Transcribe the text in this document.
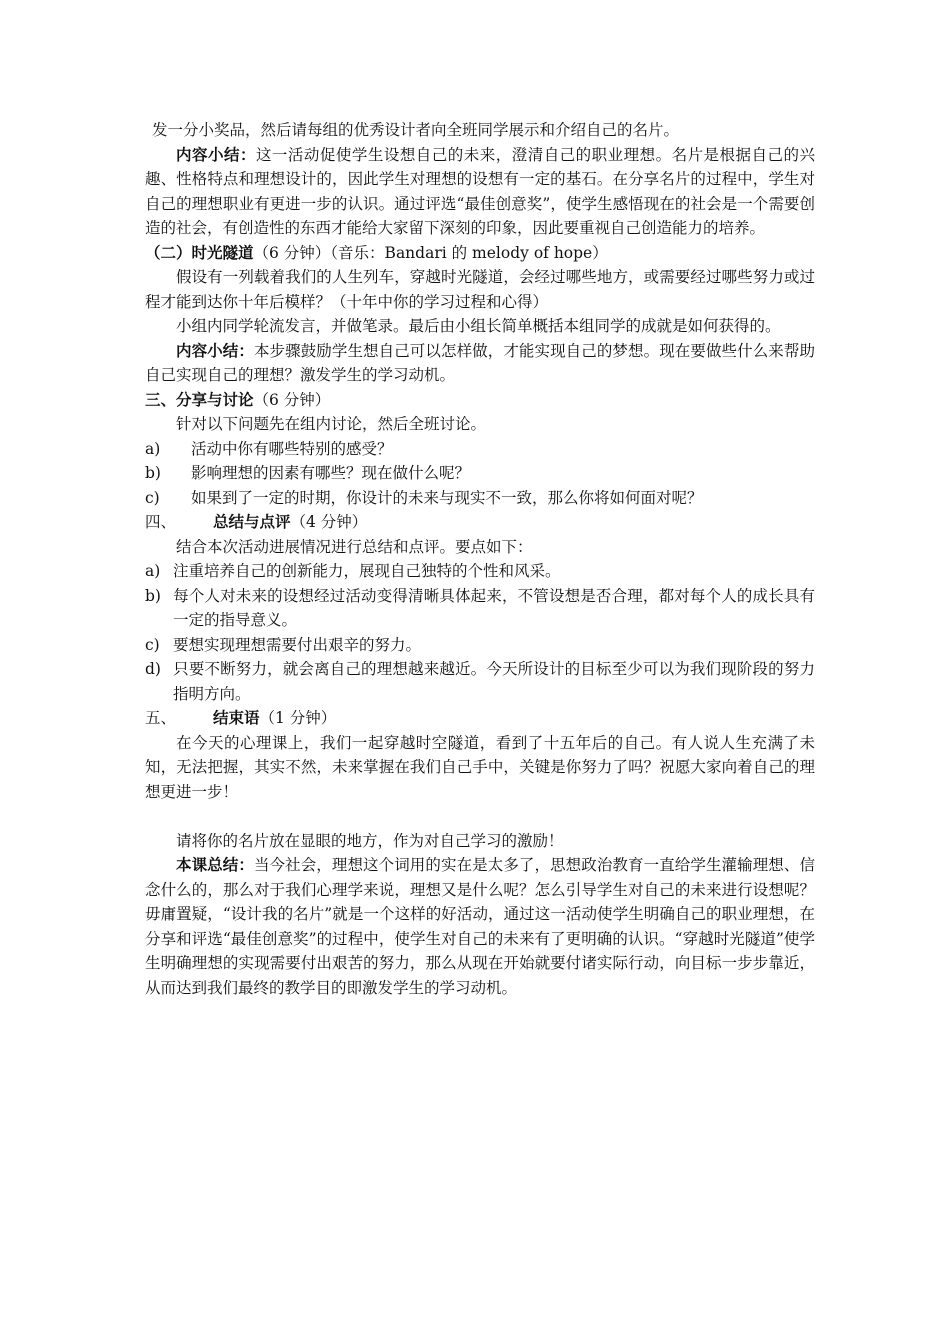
发一分小奖品，然后请每组的优秀设计者向全班同学展示和介绍自己的名片。

内容小结：这一活动促使学生设想自己的未来，澄清自己的职业理想。名片是根据自己的兴趣、性格特点和理想设计的，因此学生对理想的设想有一定的基石。在分享名片的过程中，学生对自己的理想职业有更进一步的认识。通过评选“最佳创意奖”，使学生感悟现在的社会是一个需要创造的社会，有创造性的东西才能给大家留下深刻的印象，因此要重视自己创造能力的培养。

（二）时光隧道（6 分钟）（音乐：Bandari 的 melody of hope）

假设有一列载着我们的人生列车，穿越时光隧道，会经过哪些地方，或需要经过哪些努力或过程才能到达你十年后模样？（十年中你的学习过程和心得）

小组内同学轮流发言，并做笔录。最后由小组长简单概括本组同学的成就是如何获得的。

内容小结：本步骤鼓励学生想自己可以怎样做，才能实现自己的梦想。现在要做些什么来帮助自己实现自己的理想？激发学生的学习动机。

三、分享与讨论（6 分钟）

针对以下问题先在组内讨论，然后全班讨论。

a) 活动中你有哪些特别的感受？

b) 影响理想的因素有哪些？现在做什么呢？

c) 如果到了一定的时期，你设计的未来与现实不一致，那么你将如何面对呢？

四、 总结与点评（4 分钟）

结合本次活动进展情况进行总结和点评。要点如下：

a) 注重培养自己的创新能力，展现自己独特的个性和风采。

b) 每个人对未来的设想经过活动变得清晰具体起来，不管设想是否合理，都对每个人的成长具有一定的指导意义。

c) 要想实现理想需要付出艰辛的努力。

d) 只要不断努力，就会离自己的理想越来越近。今天所设计的目标至少可以为我们现阶段的努力指明方向。

五、 结束语（1 分钟）

在今天的心理课上，我们一起穿越时空隧道，看到了十五年后的自己。有人说人生充满了未知，无法把握，其实不然，未来掌握在我们自己手中，关键是你努力了吗？祝愿大家向着自己的理想更进一步！

请将你的名片放在显眼的地方，作为对自己学习的激励！

本课总结：当今社会，理想这个词用的实在是太多了，思想政治教育一直给学生灌输理想、信念什么的，那么对于我们心理学来说，理想又是什么呢？怎么引导学生对自己的未来进行设想呢？毋庸置疑，“设计我的名片”就是一个这样的好活动，通过这一活动使学生明确自己的职业理想，在分享和评选“最佳创意奖”的过程中，使学生对自己的未来有了更明确的认识。“穿越时光隧道”使学生明确理想的实现需要付出艰苦的努力，那么从现在开始就要付诸实际行动，向目标一步步靠近，从而达到我们最终的教学目的即激发学生的学习动机。
